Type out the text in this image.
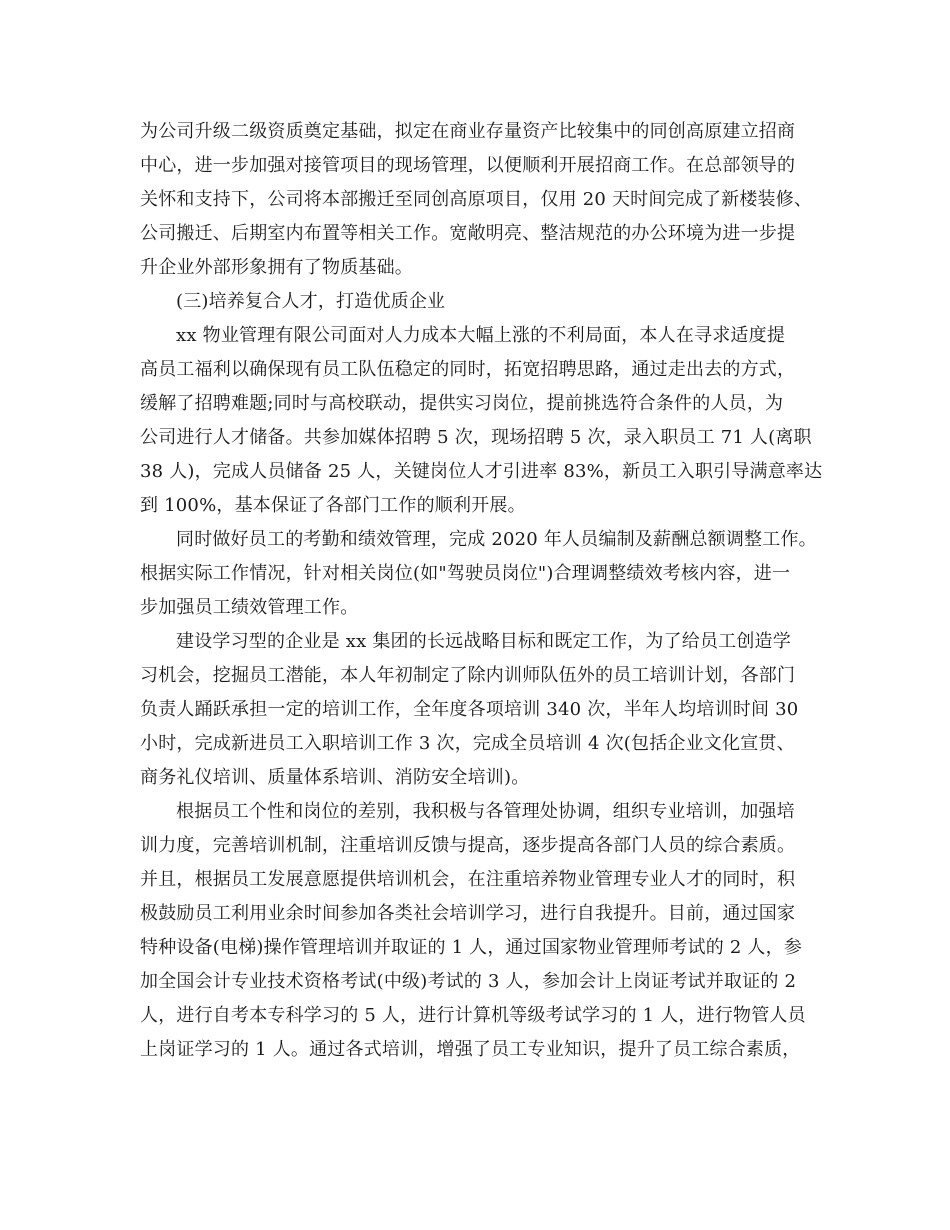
为公司升级二级资质奠定基础，拟定在商业存量资产比较集中的同创高原建立招商
中心，进一步加强对接管项目的现场管理，以便顺利开展招商工作。在总部领导的
关怀和支持下，公司将本部搬迁至同创高原项目，仅用 20 天时间完成了新楼装修、
公司搬迁、后期室内布置等相关工作。宽敞明亮、整洁规范的办公环境为进一步提
升企业外部形象拥有了物质基础。
(三)培养复合人才，打造优质企业
xx 物业管理有限公司面对人力成本大幅上涨的不利局面，本人在寻求适度提
高员工福利以确保现有员工队伍稳定的同时，拓宽招聘思路，通过走出去的方式，
缓解了招聘难题;同时与高校联动，提供实习岗位，提前挑选符合条件的人员，为
公司进行人才储备。共参加媒体招聘 5 次，现场招聘 5 次，录入职员工 71 人(离职
38 人)，完成人员储备 25 人，关键岗位人才引进率 83%，新员工入职引导满意率达
到 100%，基本保证了各部门工作的顺利开展。
同时做好员工的考勤和绩效管理，完成 2020 年人员编制及薪酬总额调整工作。
根据实际工作情况，针对相关岗位(如"驾驶员岗位")合理调整绩效考核内容，进一
步加强员工绩效管理工作。
建设学习型的企业是 xx 集团的长远战略目标和既定工作，为了给员工创造学
习机会，挖掘员工潜能，本人年初制定了除内训师队伍外的员工培训计划，各部门
负责人踊跃承担一定的培训工作，全年度各项培训 340 次，半年人均培训时间 30
小时，完成新进员工入职培训工作 3 次，完成全员培训 4 次(包括企业文化宣贯、
商务礼仪培训、质量体系培训、消防安全培训)。
根据员工个性和岗位的差别，我积极与各管理处协调，组织专业培训，加强培
训力度，完善培训机制，注重培训反馈与提高，逐步提高各部门人员的综合素质。
并且，根据员工发展意愿提供培训机会，在注重培养物业管理专业人才的同时，积
极鼓励员工利用业余时间参加各类社会培训学习，进行自我提升。目前，通过国家
特种设备(电梯)操作管理培训并取证的 1 人，通过国家物业管理师考试的 2 人，参
加全国会计专业技术资格考试(中级)考试的 3 人，参加会计上岗证考试并取证的 2
人，进行自考本专科学习的 5 人，进行计算机等级考试学习的 1 人，进行物管人员
上岗证学习的 1 人。通过各式培训，增强了员工专业知识，提升了员工综合素质，
